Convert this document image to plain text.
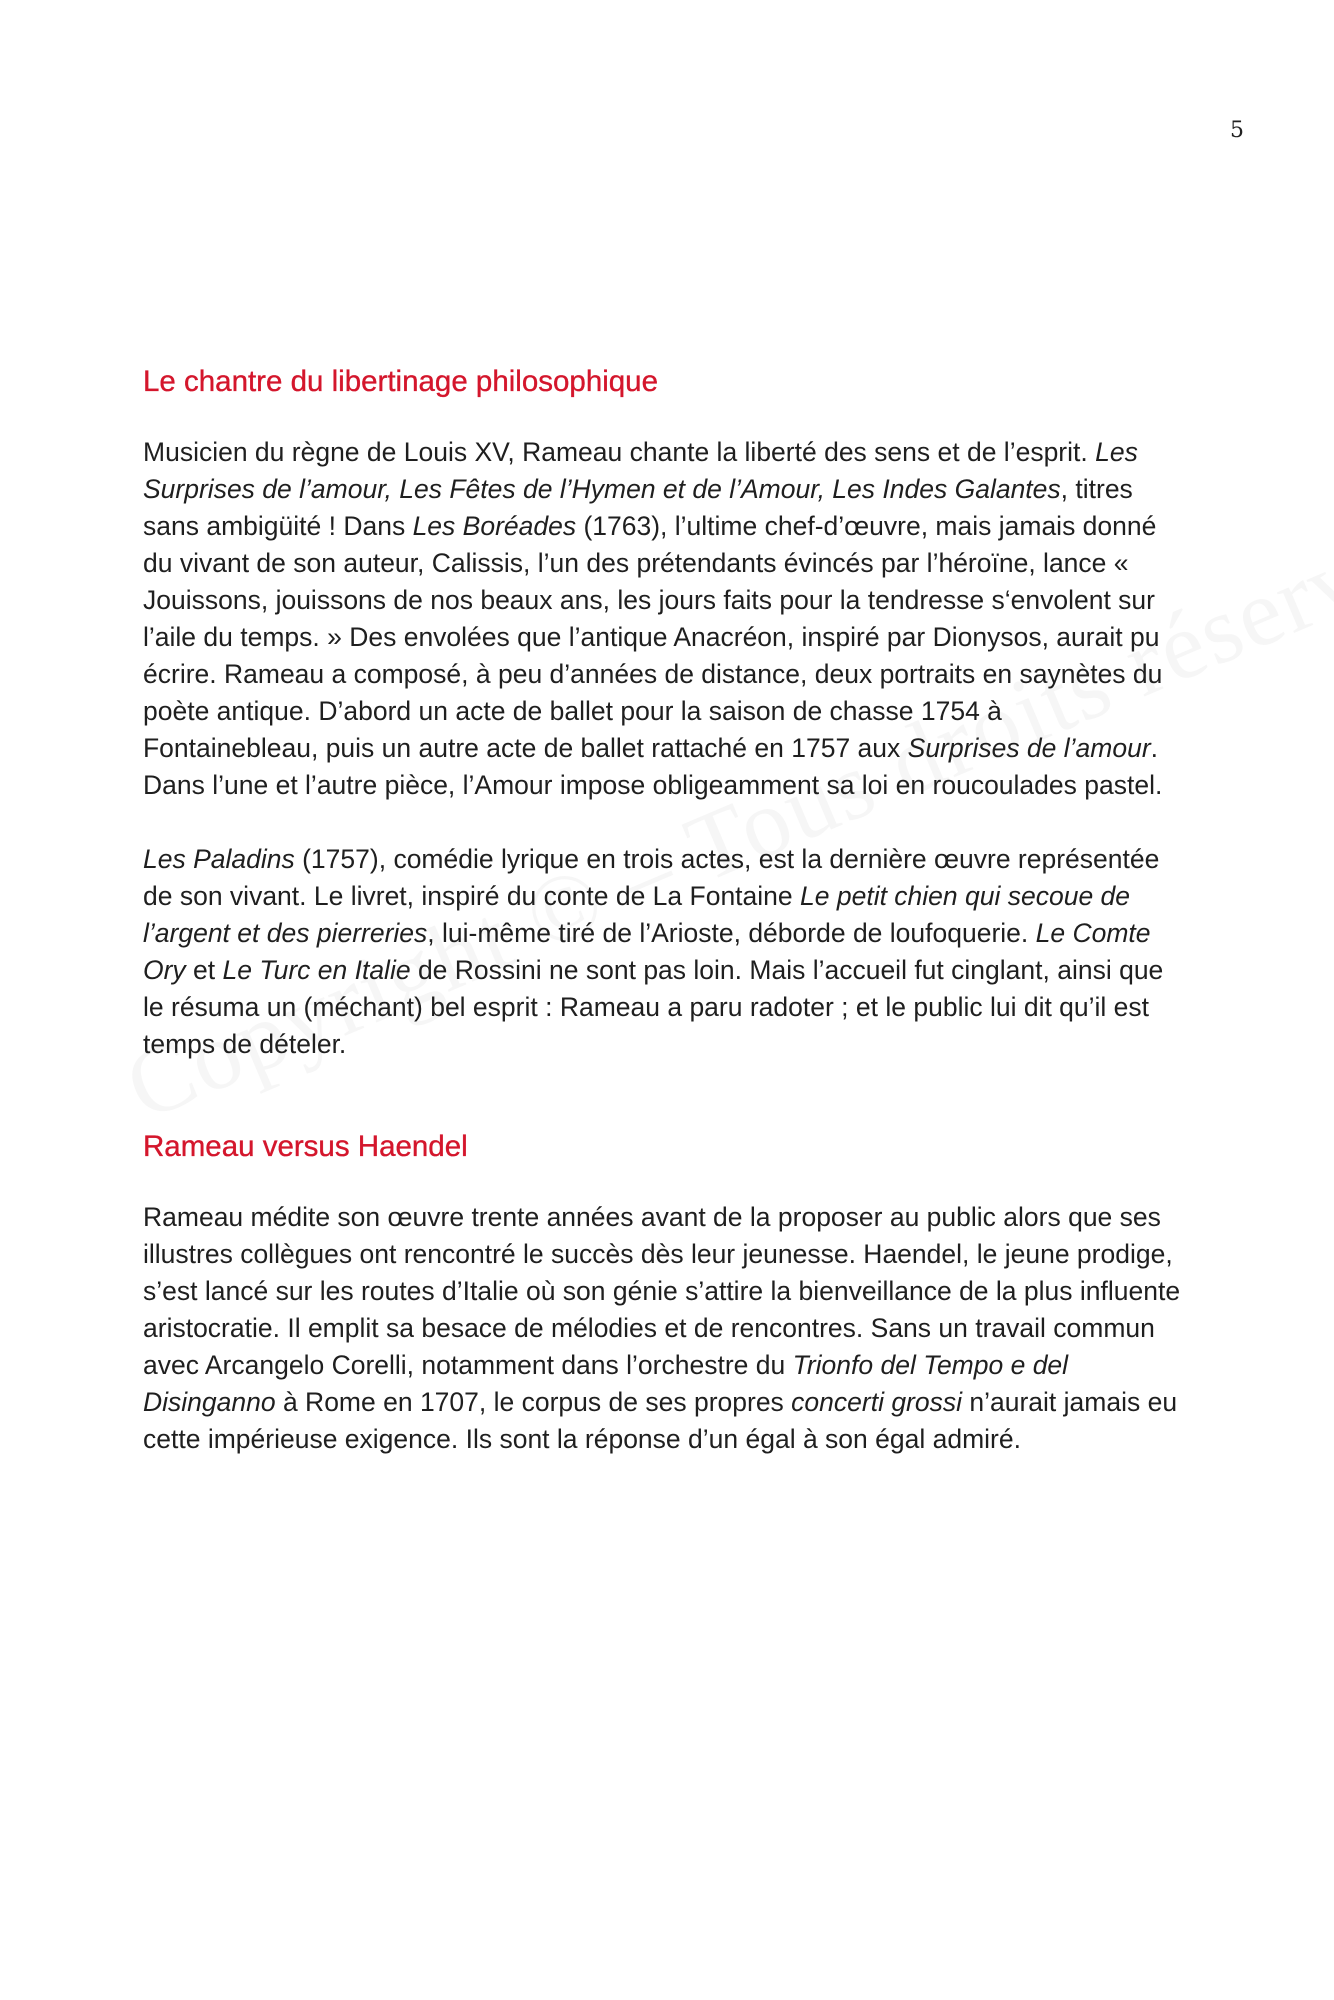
5
Le chantre du libertinage philosophique

Musicien du règne de Louis XV, Rameau chante la liberté des sens et de l’esprit. Les Surprises de l’amour, Les Fêtes de l’Hymen et de l’Amour, Les Indes Galantes, titres sans ambigüité ! Dans Les Boréades (1763), l’ultime chef-d’œuvre, mais jamais donné du vivant de son auteur, Calissis, l’un des prétendants évincés par l’héroïne, lance « Jouissons, jouissons de nos beaux ans, les jours faits pour la tendresse s‘envolent sur l’aile du temps. » Des envolées que l’antique Anacréon, inspiré par Dionysos, aurait pu écrire. Rameau a composé, à peu d’années de distance, deux portraits en saynètes du poète antique. D’abord un acte de ballet pour la saison de chasse 1754 à Fontainebleau, puis un autre acte de ballet rattaché en 1757 aux Surprises de l’amour. Dans l’une et l’autre pièce, l’Amour impose obligeamment sa loi en roucoulades pastel.

Les Paladins (1757), comédie lyrique en trois actes, est la dernière œuvre représentée de son vivant. Le livret, inspiré du conte de La Fontaine Le petit chien qui secoue de l’argent et des pierreries, lui-même tiré de l’Arioste, déborde de loufoquerie. Le Comte Ory et Le Turc en Italie de Rossini ne sont pas loin. Mais l’accueil fut cinglant, ainsi que le résuma un (méchant) bel esprit : Rameau a paru radoter ; et le public lui dit qu’il est temps de dételer.

Rameau versus Haendel

Rameau médite son œuvre trente années avant de la proposer au public alors que ses illustres collègues ont rencontré le succès dès leur jeunesse. Haendel, le jeune prodige, s’est lancé sur les routes d’Italie où son génie s’attire la bienveillance de la plus influente aristocratie. Il emplit sa besace de mélodies et de rencontres. Sans un travail commun avec Arcangelo Corelli, notamment dans l’orchestre du Trionfo del Tempo e del Disinganno à Rome en 1707, le corpus de ses propres concerti grossi n’aurait jamais eu cette impérieuse exigence. Ils sont la réponse d’un égal à son égal admiré.
